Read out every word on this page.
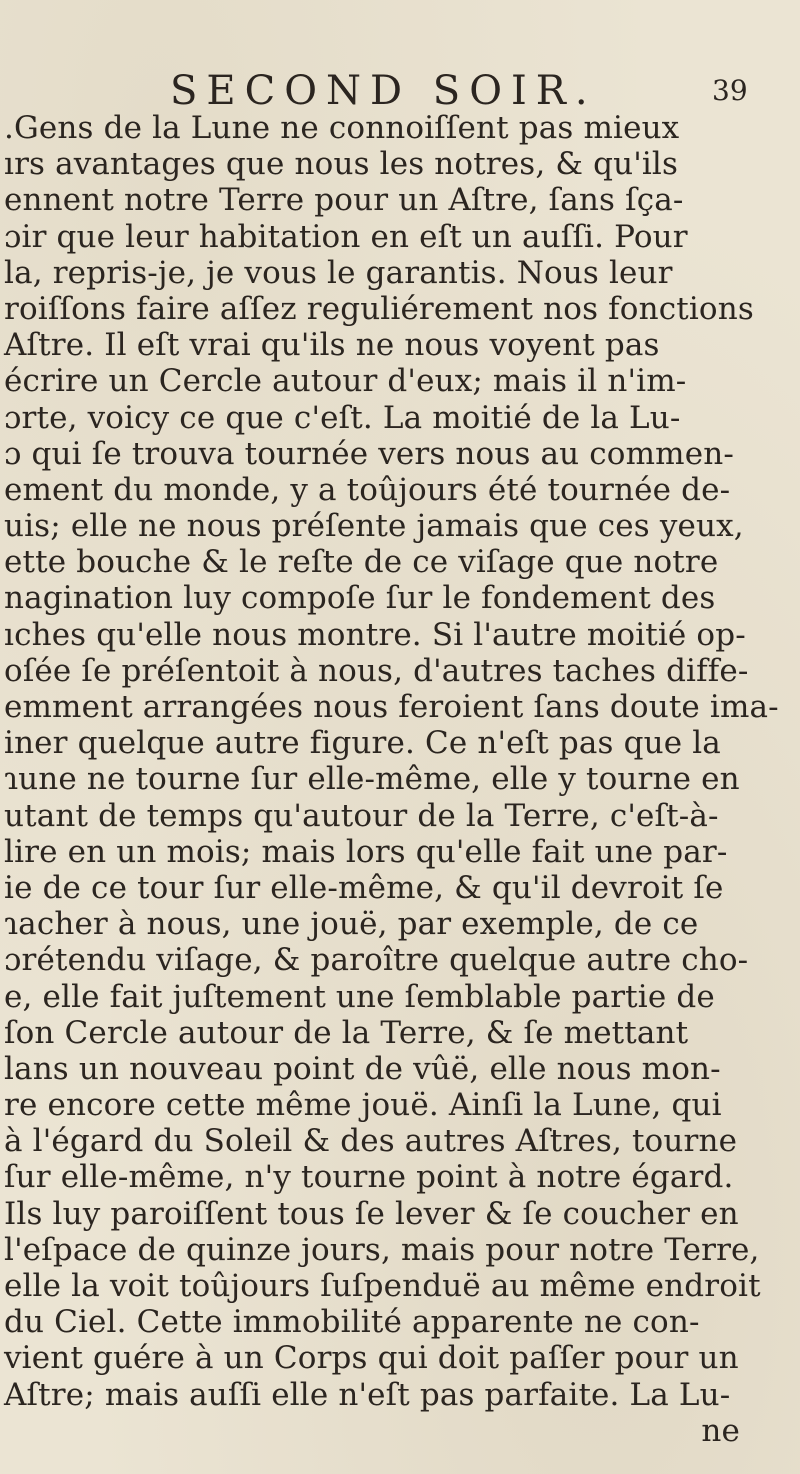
SECOND SOIR.	39
.Gens de la Lune ne connoiſſent pas mieux
ırs avantages que nous les notres, & qu'ils
ennent notre Terre pour un Aſtre, ſans ſça-
ɔir que leur habitation en eſt un auſſi. Pour
la, repris-je, je vous le garantis. Nous leur
roiſſons faire aſſez reguliérement nos fonctions
Aſtre. Il eſt vrai qu'ils ne nous voyent pas
écrire un Cercle autour d'eux; mais il n'im-
ɔrte, voicy ce que c'eſt. La moitié de la Lu-
ɔ qui ſe trouva tournée vers nous au commen-
ement du monde, y a toûjours été tournée de-
uis; elle ne nous préſente jamais que ces yeux,
ette bouche & le reſte de ce viſage que notre
nagination luy compoſe ſur le fondement des
ıches qu'elle nous montre. Si l'autre moitié op-
oſée ſe préſentoit à nous, d'autres taches diffe-
emment arrangées nous feroient ſans doute ima-
iner quelque autre figure. Ce n'eſt pas que la
ɿune ne tourne ſur elle-même, elle y tourne en
utant de temps qu'autour de la Terre, c'eſt-à-
lire en un mois; mais lors qu'elle fait une par-
ie de ce tour ſur elle-même, & qu'il devroit ſe
ɿacher à nous, une jouë, par exemple, de ce
ɔrétendu viſage, & paroître quelque autre cho-
e, elle fait juſtement une ſemblable partie de
ſon Cercle autour de la Terre, & ſe mettant
lans un nouveau point de vûë, elle nous mon-
re encore cette même jouë. Ainſi la Lune, qui
à l'égard du Soleil & des autres Aſtres, tourne
ſur elle-même, n'y tourne point à notre égard.
Ils luy paroiſſent tous ſe lever & ſe coucher en
l'eſpace de quinze jours, mais pour notre Terre,
elle la voit toûjours ſuſpenduë au même endroit
du Ciel. Cette immobilité apparente ne con-
vient guére à un Corps qui doit paſſer pour un
Aſtre; mais auſſi elle n'eſt pas parfaite. La Lu-
ne
